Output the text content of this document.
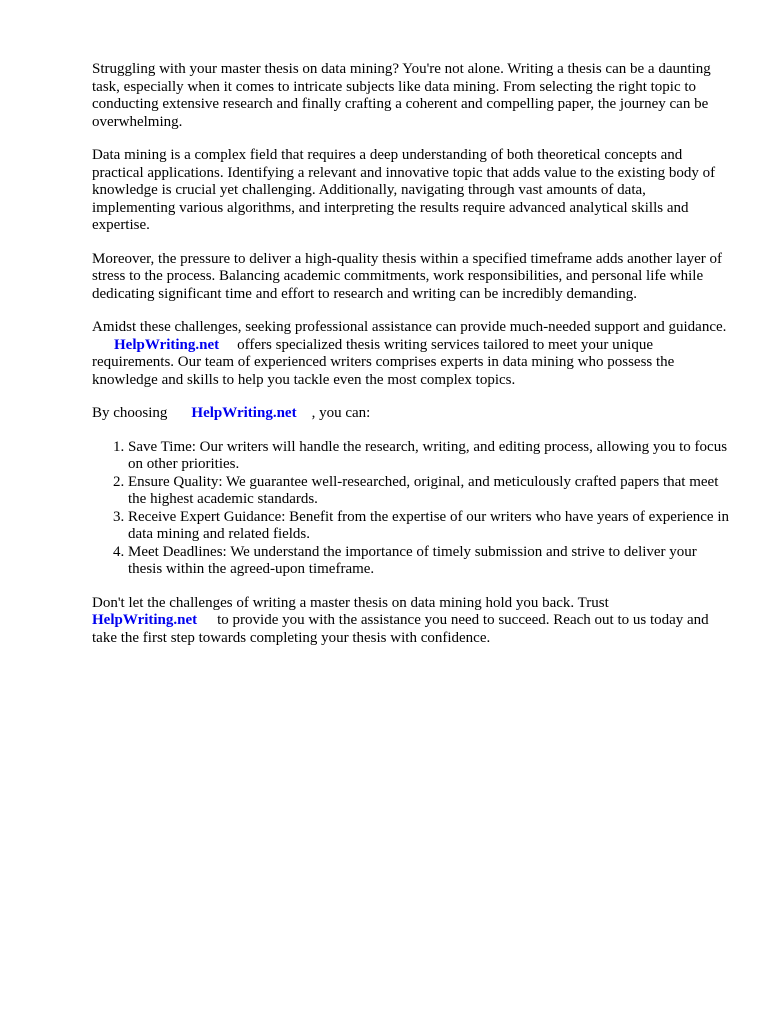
Struggling with your master thesis on data mining? You're not alone. Writing a thesis can be a daunting task, especially when it comes to intricate subjects like data mining. From selecting the right topic to conducting extensive research and finally crafting a coherent and compelling paper, the journey can be overwhelming.

Data mining is a complex field that requires a deep understanding of both theoretical concepts and practical applications. Identifying a relevant and innovative topic that adds value to the existing body of knowledge is crucial yet challenging. Additionally, navigating through vast amounts of data, implementing various algorithms, and interpreting the results require advanced analytical skills and expertise.

Moreover, the pressure to deliver a high-quality thesis within a specified timeframe adds another layer of stress to the process. Balancing academic commitments, work responsibilities, and personal life while dedicating significant time and effort to research and writing can be incredibly demanding.

Amidst these challenges, seeking professional assistance can provide much-needed support and guidance.HelpWriting.net offers specialized thesis writing services tailored to meet your unique requirements. Our team of experienced writers comprises experts in data mining who possess the knowledge and skills to help you tackle even the most complex topics.

By choosing HelpWriting.net , you can:

1. Save Time: Our writers will handle the research, writing, and editing process, allowing you to focus on other priorities.
2. Ensure Quality: We guarantee well-researched, original, and meticulously crafted papers that meet the highest academic standards.
3. Receive Expert Guidance: Benefit from the expertise of our writers who have years of experience in data mining and related fields.
4. Meet Deadlines: We understand the importance of timely submission and strive to deliver your thesis within the agreed-upon timeframe.

Don't let the challenges of writing a master thesis on data mining hold you back. Trust
HelpWriting.net to provide you with the assistance you need to succeed. Reach out to us today and take the first step towards completing your thesis with confidence.
